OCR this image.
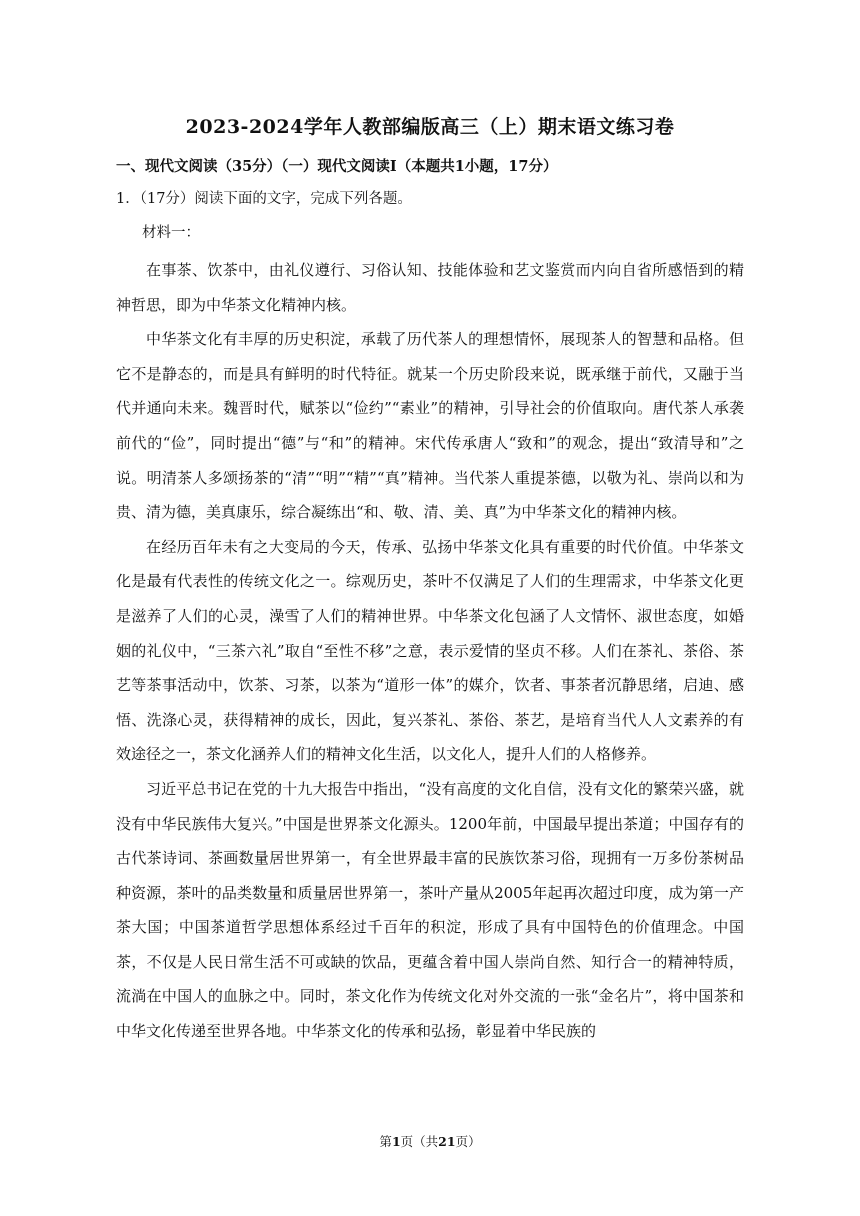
2023-2024学年人教部编版高三（上）期末语文练习卷
一、现代文阅读（35分）（一）现代文阅读Ⅰ（本题共1小题，17分）
1．（17分）阅读下面的文字，完成下列各题。
材料一：

在事茶、饮茶中，由礼仪遵行、习俗认知、技能体验和艺文鉴赏而内向自省所感悟到的精神哲思，即为中华茶文化精神内核。

中华茶文化有丰厚的历史积淀，承载了历代茶人的理想情怀，展现茶人的智慧和品格。但它不是静态的，而是具有鲜明的时代特征。就某一个历史阶段来说，既承继于前代，又融于当代并通向未来。魏晋时代，赋茶以“俭约”“素业”的精神，引导社会的价值取向。唐代茶人承袭前代的“俭”，同时提出“德”与“和”的精神。宋代传承唐人“致和”的观念，提出“致清导和”之说。明清茶人多颂扬茶的“清”“明”“精”“真”精神。当代茶人重提茶德，以敬为礼、崇尚以和为贵、清为德，美真康乐，综合凝练出“和、敬、清、美、真”为中华茶文化的精神内核。

在经历百年未有之大变局的今天，传承、弘扬中华茶文化具有重要的时代价值。中华茶文化是最有代表性的传统文化之一。综观历史，茶叶不仅满足了人们的生理需求，中华茶文化更是滋养了人们的心灵，澡雪了人们的精神世界。中华茶文化包涵了人文情怀、淑世态度，如婚姻的礼仪中，“三茶六礼”取自“至性不移”之意，表示爱情的坚贞不移。人们在茶礼、茶俗、茶艺等茶事活动中，饮茶、习茶，以茶为“道形一体”的媒介，饮者、事茶者沉静思绪，启迪、感悟、洗涤心灵，获得精神的成长，因此，复兴茶礼、茶俗、茶艺，是培育当代人人文素养的有效途径之一，茶文化涵养人们的精神文化生活，以文化人，提升人们的人格修养。

习近平总书记在党的十九大报告中指出，“没有高度的文化自信，没有文化的繁荣兴盛，就没有中华民族伟大复兴。”中国是世界茶文化源头。1200年前，中国最早提出茶道；中国存有的古代茶诗词、茶画数量居世界第一，有全世界最丰富的民族饮茶习俗，现拥有一万多份茶树品种资源，茶叶的品类数量和质量居世界第一，茶叶产量从2005年起再次超过印度，成为第一产茶大国；中国茶道哲学思想体系经过千百年的积淀，形成了具有中国特色的价值理念。中国茶，不仅是人民日常生活不可或缺的饮品，更蕴含着中国人崇尚自然、知行合一的精神特质，流淌在中国人的血脉之中。同时，茶文化作为传统文化对外交流的一张“金名片”，将中国茶和中华文化传递至世界各地。中华茶文化的传承和弘扬，彰显着中华民族的

第1页（共21页）
